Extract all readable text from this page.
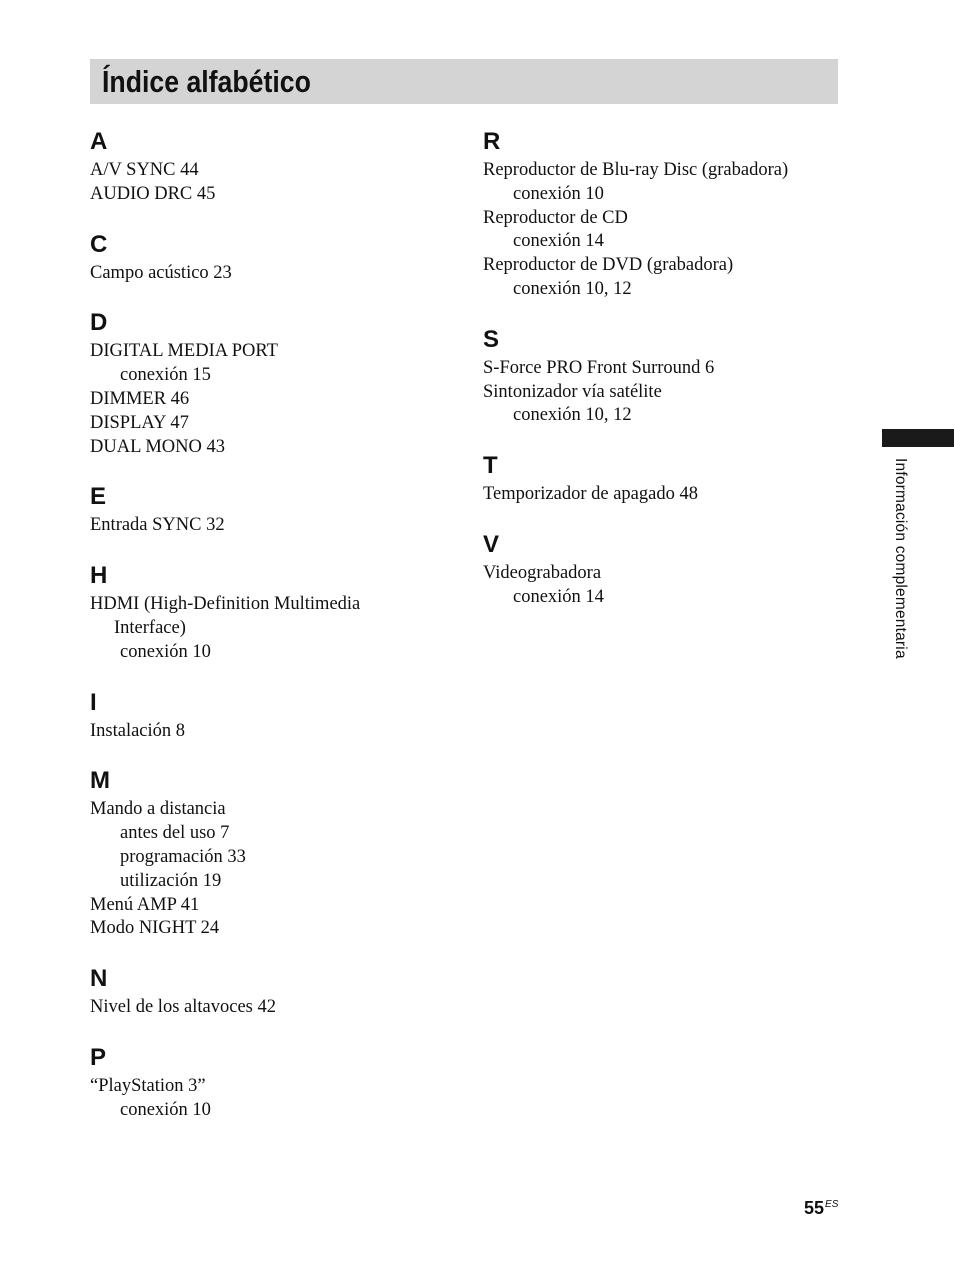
Índice alfabético
A
A/V SYNC 44
AUDIO DRC 45
C
Campo acústico 23
D
DIGITAL MEDIA PORT
conexión 15
DIMMER 46
DISPLAY 47
DUAL MONO 43
E
Entrada SYNC 32
H
HDMI (High-Definition Multimedia
Interface)
conexión 10
I
Instalación 8
M
Mando a distancia
antes del uso 7
programación 33
utilización 19
Menú AMP 41
Modo NIGHT 24
N
Nivel de los altavoces 42
P
“PlayStation 3”
conexión 10
R
Reproductor de Blu-ray Disc (grabadora)
conexión 10
Reproductor de CD
conexión 14
Reproductor de DVD (grabadora)
conexión 10, 12
S
S-Force PRO Front Surround 6
Sintonizador vía satélite
conexión 10, 12
T
Temporizador de apagado 48
V
Videograbadora
conexión 14	Información complementaria
$55^{ES}$
